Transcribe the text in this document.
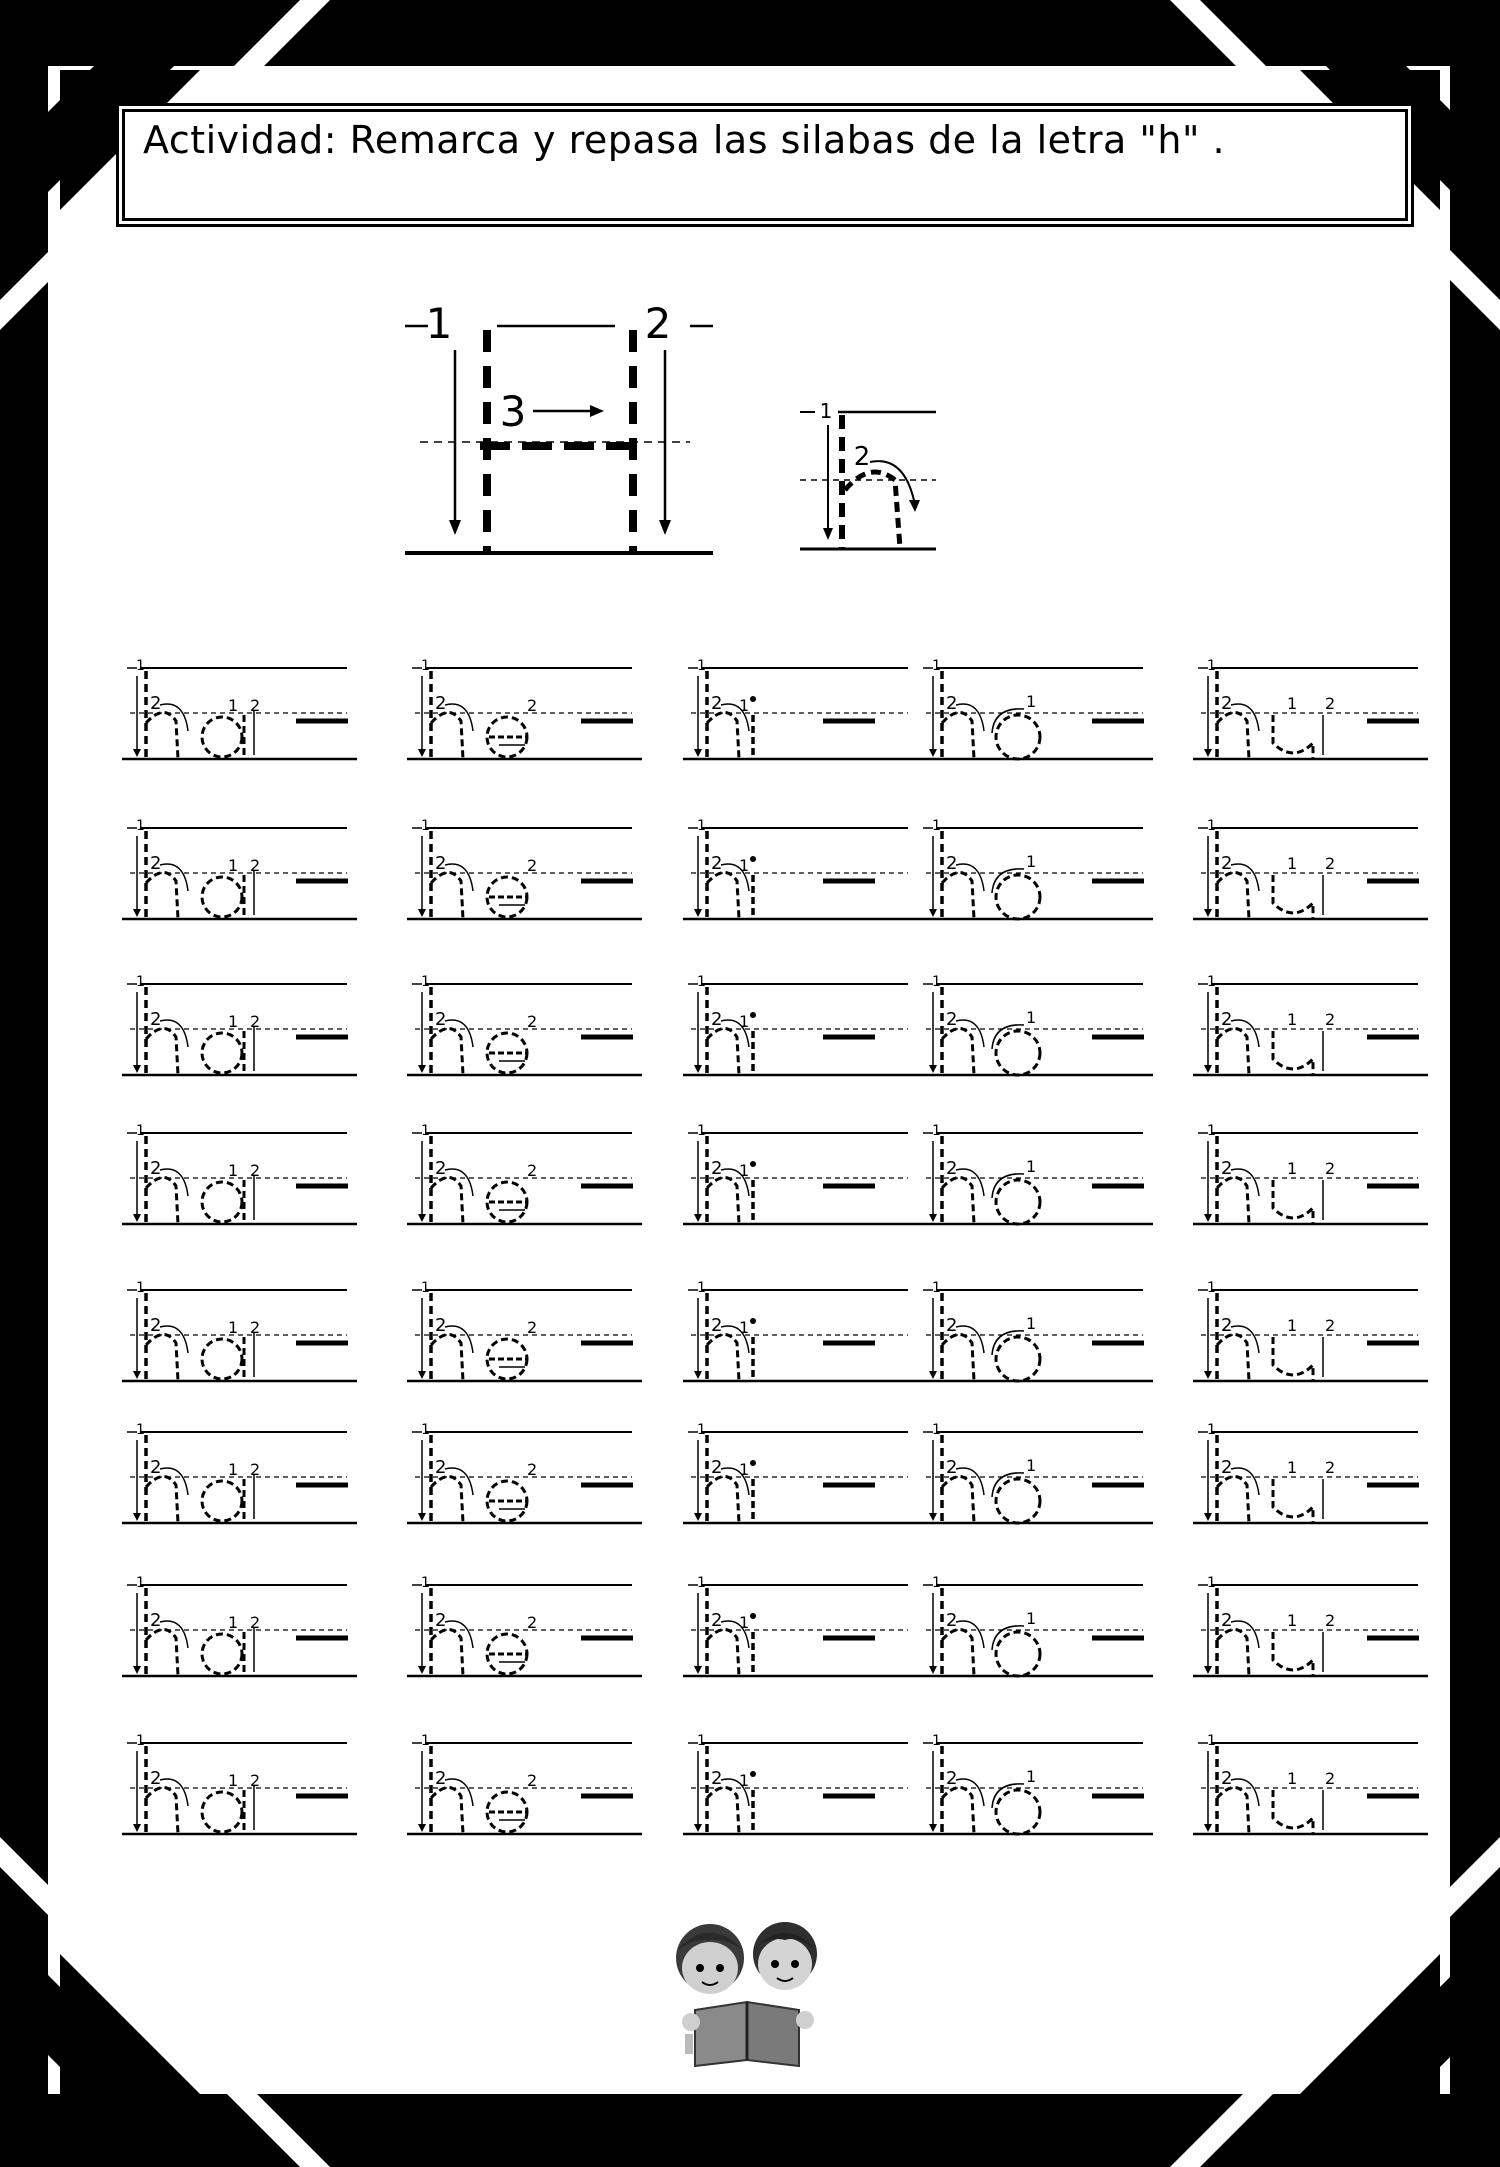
Actividad: Remarca y repasa las silabas de la letra "h" .
1	2
3	1
2
1
2	1 2
1
2	2
1
2 1
1
2	1
1
2	1 2
1
2	1 2
1
2	2
1
2 1
1
2	1
1
2	1 2
1
2	1 2
1
2	2
1
2 1
1
2	1
1
2	1 2
1
2	1 2
1
2	2
1
2 1
1
2	1
1
2	1 2
1
2	1 2
1
2	2
1
2 1
1
2	1
1
2	1 2
1
2	1 2
1
2	2
1
2 1
1
2	1
1
2	1 2
1
2	1 2
1
2	2
1
2 1
1
2	1
1
2	1 2
1
2	1 2
1
2	2
1
2 1
1
2	1
1
2	1 2
